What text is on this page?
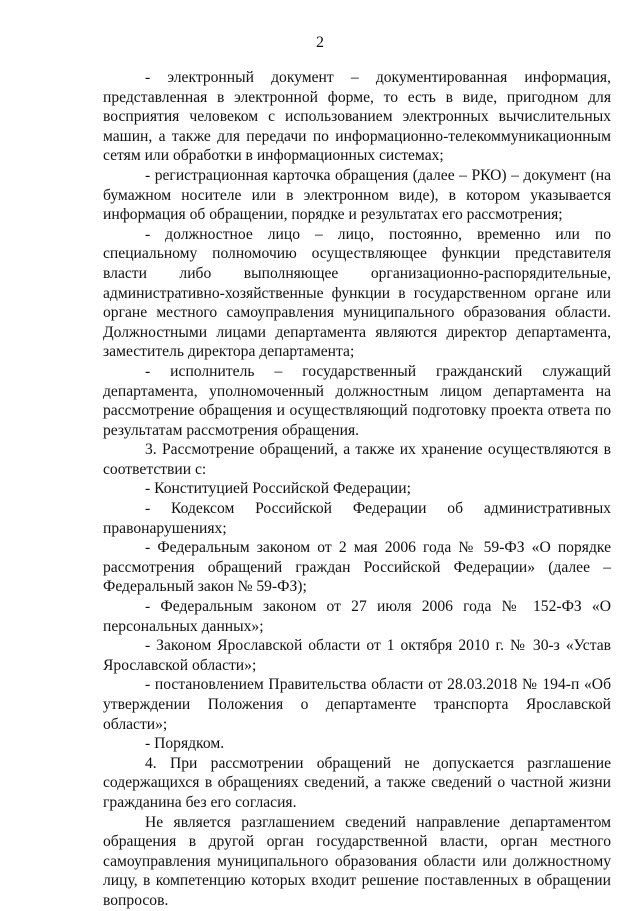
2

- электронный документ – документированная информация, представленная в электронной форме, то есть в виде, пригодном для восприятия человеком с использованием электронных вычислительных машин, а также для передачи по информационно-телекоммуникационным сетям или обработки в информационных системах;

- регистрационная карточка обращения (далее – РКО) – документ (на бумажном носителе или в электронном виде), в котором указывается информация об обращении, порядке и результатах его рассмотрения;

- должностное лицо – лицо, постоянно, временно или по специальному полномочию осуществляющее функции представителя власти либо выполняющее организационно-распорядительные, административно-хозяйственные функции в государственном органе или органе местного самоуправления муниципального образования области. Должностными лицами департамента являются директор департамента, заместитель директора департамента;

- исполнитель – государственный гражданский служащий департамента, уполномоченный должностным лицом департамента на рассмотрение обращения и осуществляющий подготовку проекта ответа по результатам рассмотрения обращения.

3. Рассмотрение обращений, а также их хранение осуществляются в соответствии с:

- Конституцией Российской Федерации;

- Кодексом Российской Федерации об административных правонарушениях;

- Федеральным законом от 2 мая 2006 года № 59-ФЗ «О порядке рассмотрения обращений граждан Российской Федерации» (далее – Федеральный закон № 59-ФЗ);

- Федеральным законом от 27 июля 2006 года № 152-ФЗ «О персональных данных»;

- Законом Ярославской области от 1 октября 2010 г. № 30-з «Устав Ярославской области»;

- постановлением Правительства области от 28.03.2018 № 194-п «Об утверждении Положения о департаменте транспорта Ярославской области»;

- Порядком.

4. При рассмотрении обращений не допускается разглашение содержащихся в обращениях сведений, а также сведений о частной жизни гражданина без его согласия.

Не является разглашением сведений направление департаментом обращения в другой орган государственной власти, орган местного самоуправления муниципального образования области или должностному лицу, в компетенцию которых входит решение поставленных в обращении вопросов.
